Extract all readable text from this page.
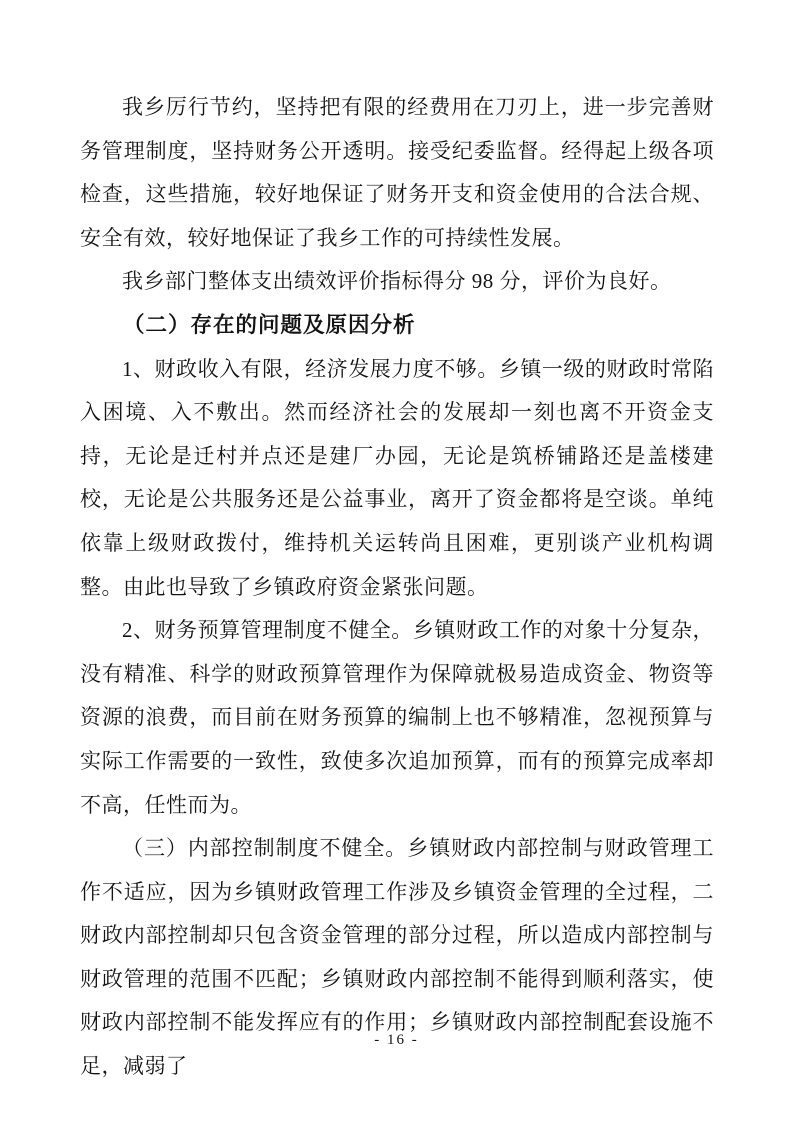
我乡厉行节约，坚持把有限的经费用在刀刃上，进一步完善财务管理制度，坚持财务公开透明。接受纪委监督。经得起上级各项检查，这些措施，较好地保证了财务开支和资金使用的合法合规、安全有效，较好地保证了我乡工作的可持续性发展。

我乡部门整体支出绩效评价指标得分 98 分，评价为良好。

（二）存在的问题及原因分析

1、财政收入有限，经济发展力度不够。乡镇一级的财政时常陷入困境、入不敷出。然而经济社会的发展却一刻也离不开资金支持，无论是迁村并点还是建厂办园，无论是筑桥铺路还是盖楼建校，无论是公共服务还是公益事业，离开了资金都将是空谈。单纯依靠上级财政拨付，维持机关运转尚且困难，更别谈产业机构调整。由此也导致了乡镇政府资金紧张问题。

2、财务预算管理制度不健全。乡镇财政工作的对象十分复杂，没有精准、科学的财政预算管理作为保障就极易造成资金、物资等资源的浪费，而目前在财务预算的编制上也不够精准，忽视预算与实际工作需要的一致性，致使多次追加预算，而有的预算完成率却不高，任性而为。

（三）内部控制制度不健全。乡镇财政内部控制与财政管理工作不适应，因为乡镇财政管理工作涉及乡镇资金管理的全过程，二财政内部控制却只包含资金管理的部分过程，所以造成内部控制与财政管理的范围不匹配；乡镇财政内部控制不能得到顺利落实，使财政内部控制不能发挥应有的作用；乡镇财政内部控制配套设施不足，减弱了

- 16 -
